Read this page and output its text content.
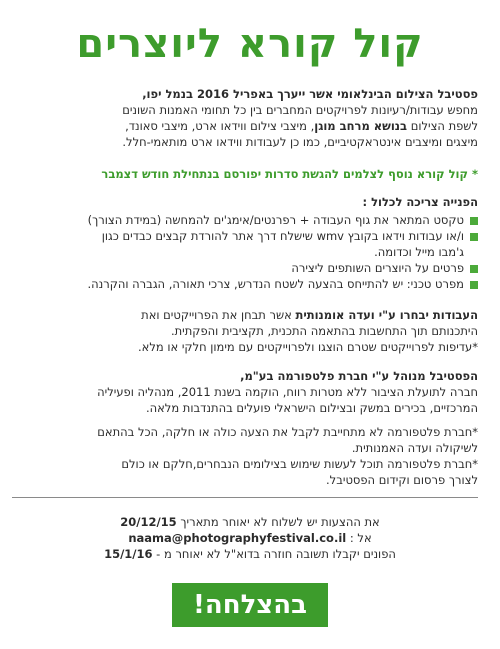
קול קורא ליוצרים
פסטיבל הצילום הבינלאומי אשר ייערך באפריל 2016 בנמל יפו,
מחפש עבודות/רעיונות לפרויקטים המחברים בין כל תחומי האמנות השונים
לשפת הצילום בנושא מרחב מוגן, מיצבי צילום ווידאו ארט, מיצבי סאונד,
מיצגים ומיצבים אינטראקטיביים, כמו כן לעבודות ווידאו ארט מותאמי-חלל.
* קול קורא נוסף לצלמים להגשת סדרות יפורסם בנתחילת חודש דצמבר
הפנייה צריכה לכלול :
טקסט המתאר את גוף העבודה + רפרנטים/אימג'ים להמחשה (במידת הצורך)
ו/או עבודות וידאו בקובץ wmv שישלח דרך אתר להורדת קבצים כבדים כגון
ג'מבו מייל וכדומה.
פרטים על היוצרים השותפים ליצירה
מפרט טכני: יש להתייחס בהצעה לשטח הנדרש, צרכי תאורה, הגברה והקרנה.
העבודות יבחרו ע"י ועדה אומנותית אשר תבחן את הפרוייקטים ואת
היתכנותם תוך התחשבות בהתאמה התכנית, תקציבית והפקתית.
*עדיפות לפרוייקטים שטרם הוצגו ולפרוייקטים עם מימון חלקי או מלא.
הפסטיבל מנוהל ע"י חברת פלטפורמה בע"מ,
חברה לתועלת הציבור ללא מטרות רווח, הוקמה בשנת 2011, מנהליה ופעיליה
המרכזיים, בכירים במשק ובצילום הישראלי פועלים בהתנדבות מלאה.
*חברת פלטפורמה לא מתחייבת לקבל את הצעה כולה או חלקה, הכל בהתאם
לשיקולה ועדה האמנותית.
*חברת פלטפורמה תוכל לעשות שימוש בצילומים הנבחרים,חלקם או כולם
לצורך פרסום וקידום הפסטיבל.
את ההצעות יש לשלוח לא יאוחר מתאריך 20/12/15
אל : naama@photographyfestival.co.il
הפונים יקבלו תשובה חוזרה בדוא"ל לא יאוחר מ - 15/1/16
בהצלחה!
